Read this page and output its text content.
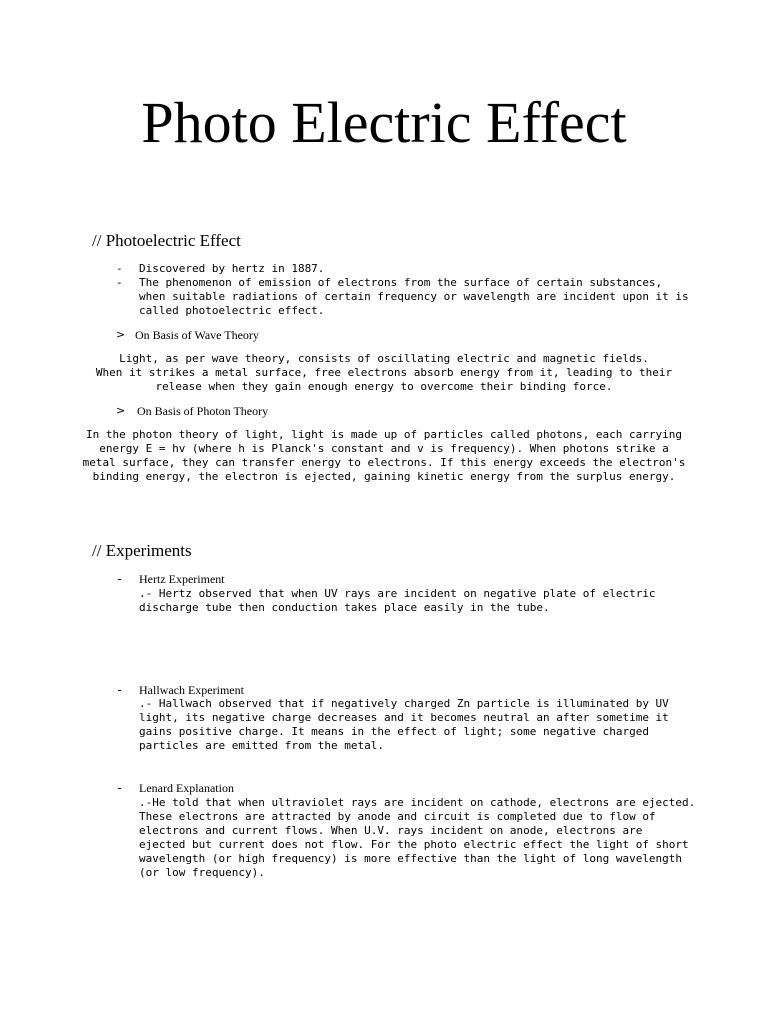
Photo Electric Effect
// Photoelectric Effect
- Discovered by hertz in 1887.
- The phenomenon of emission of electrons from the surface of certain substances,
when suitable radiations of certain frequency or wavelength are incident upon it is
called photoelectric effect.
> On Basis of Wave Theory
Light, as per wave theory, consists of oscillating electric and magnetic fields.
When it strikes a metal surface, free electrons absorb energy from it, leading to their
release when they gain enough energy to overcome their binding force.
> On Basis of Photon Theory
In the photon theory of light, light is made up of particles called photons, each carrying
energy E = hv (where h is Planck's constant and v is frequency). When photons strike a
metal surface, they can transfer energy to electrons. If this energy exceeds the electron's
binding energy, the electron is ejected, gaining kinetic energy from the surplus energy.
// Experiments
- Hertz Experiment
.- Hertz observed that when UV rays are incident on negative plate of electric
discharge tube then conduction takes place easily in the tube.
- Hallwach Experiment
.- Hallwach observed that if negatively charged Zn particle is illuminated by UV
light, its negative charge decreases and it becomes neutral an after sometime it
gains positive charge. It means in the effect of light; some negative charged
particles are emitted from the metal.
- Lenard Explanation
.-He told that when ultraviolet rays are incident on cathode, electrons are ejected.
These electrons are attracted by anode and circuit is completed due to flow of
electrons and current flows. When U.V. rays incident on anode, electrons are
ejected but current does not flow. For the photo electric effect the light of short
wavelength (or high frequency) is more effective than the light of long wavelength
(or low frequency).
